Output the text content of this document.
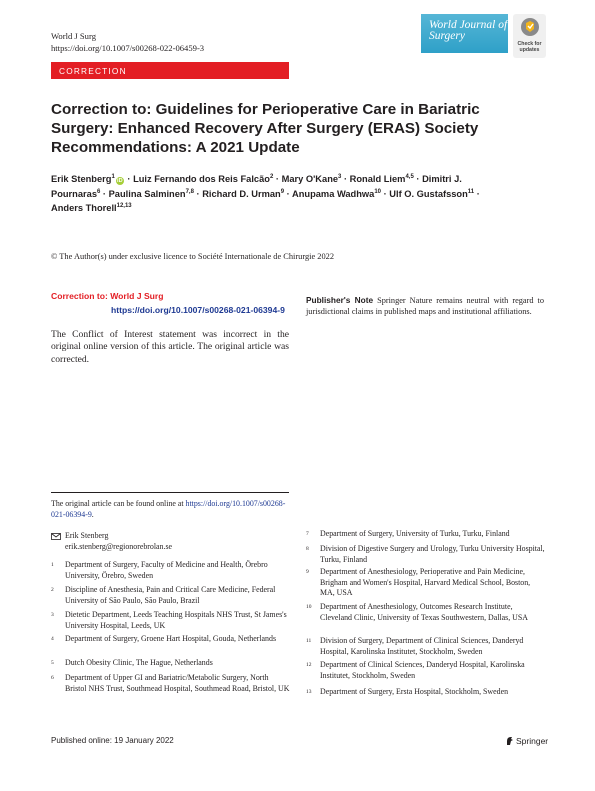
World J Surg
https://doi.org/10.1007/s00268-022-06459-3
World Journal of Surgery
Check for updates
CORRECTION
Correction to: Guidelines for Perioperative Care in Bariatric Surgery: Enhanced Recovery After Surgery (ERAS) Society Recommendations: A 2021 Update
Erik Stenberg$^1$iD · Luiz Fernando dos Reis Falcão$^2$ · Mary O'Kane$^3$ · Ronald Liem$^{4,5}$ · Dimitri J. Pournaras$^6$ · Paulina Salminen$^{7,8}$ · Richard D. Urman$^9$ · Anupama Wadhwa$^{10}$ · Ulf O. Gustafsson$^{11}$ · Anders Thorell$^{12,13}$
© The Author(s) under exclusive licence to Société Internationale de Chirurgie 2022
Correction to: World J Surg
https://doi.org/10.1007/s00268-021-06394-9
The Conflict of Interest statement was incorrect in the original online version of this article. The original article was corrected.
Publisher's Note Springer Nature remains neutral with regard to jurisdictional claims in published maps and institutional affiliations.
The original article can be found online at https://doi.org/10.1007/s00268-021-06394-9.
Erik Stenberg
erik.stenberg@regionorebrolan.se
1 Department of Surgery, Faculty of Medicine and Health, Örebro University, Örebro, Sweden
2 Discipline of Anesthesia, Pain and Critical Care Medicine, Federal University of São Paulo, São Paulo, Brazil
3 Dietetic Department, Leeds Teaching Hospitals NHS Trust, St James's University Hospital, Leeds, UK
4 Department of Surgery, Groene Hart Hospital, Gouda, Netherlands
5 Dutch Obesity Clinic, The Hague, Netherlands
6 Department of Upper GI and Bariatric/Metabolic Surgery, North Bristol NHS Trust, Southmead Hospital, Southmead Road, Bristol, UK
7 Department of Surgery, University of Turku, Turku, Finland
8 Division of Digestive Surgery and Urology, Turku University Hospital, Turku, Finland
9 Department of Anesthesiology, Perioperative and Pain Medicine, Brigham and Women's Hospital, Harvard Medical School, Boston, MA, USA
10 Department of Anesthesiology, Outcomes Research Institute, Cleveland Clinic, University of Texas Southwestern, Dallas, USA
11 Division of Surgery, Department of Clinical Sciences, Danderyd Hospital, Karolinska Institutet, Stockholm, Sweden
12 Department of Clinical Sciences, Danderyd Hospital, Karolinska Institutet, Stockholm, Sweden
13 Department of Surgery, Ersta Hospital, Stockholm, Sweden
Published online: 19 January 2022	Springer
